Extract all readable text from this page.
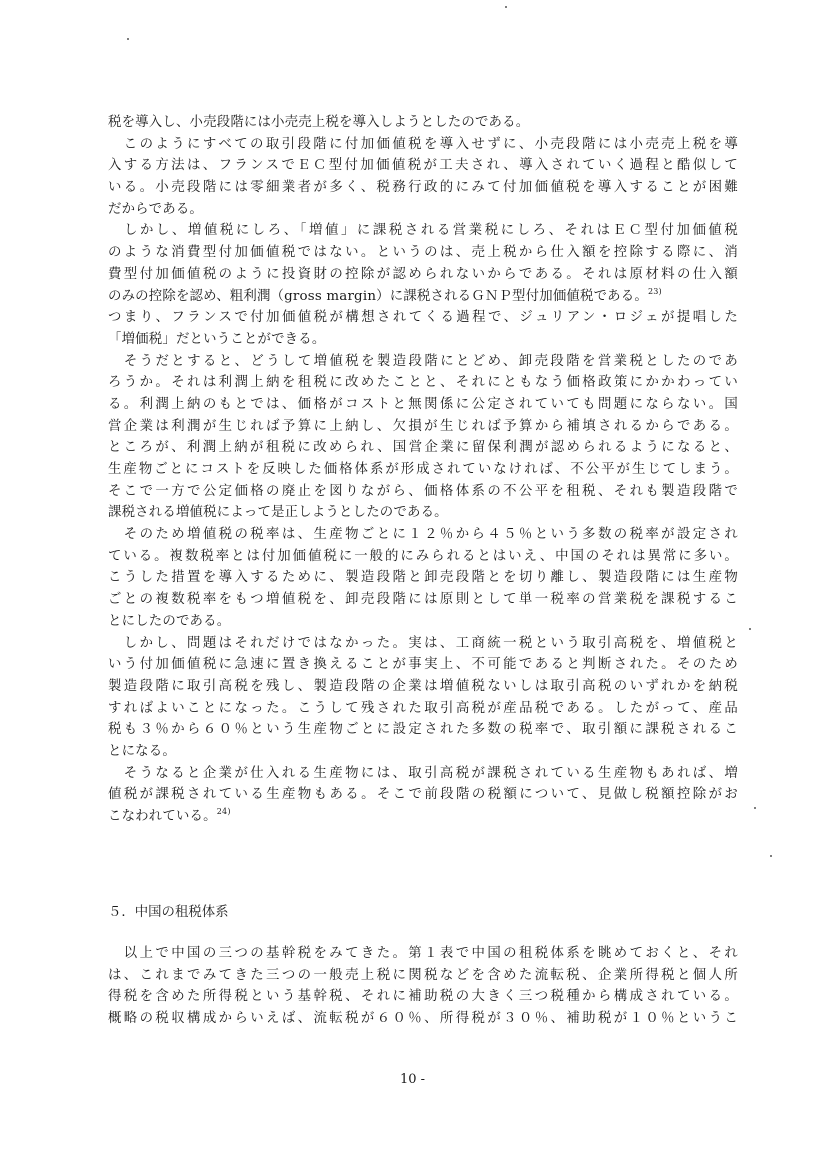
税を導入し、小売段階には小売売上税を導入しようとしたのである。
　このようにすべての取引段階に付加価値税を導入せずに、小売段階には小売売上税を導
入する方法は、フランスでＥＣ型付加価値税が工夫され、導入されていく過程と酷似して
いる。小売段階には零細業者が多く、税務行政的にみて付加価値税を導入することが困難
だからである。
　しかし、増値税にしろ、「増値」に課税される営業税にしろ、それはＥＣ型付加価値税
のような消費型付加価値税ではない。というのは、売上税から仕入額を控除する際に、消
費型付加価値税のように投資財の控除が認められないからである。それは原材料の仕入額
のみの控除を認め、粗利潤（gross margin）に課税されるＧＮＰ型付加価値税である。$^{23)}$
つまり、フランスで付加価値税が構想されてくる過程で、ジュリアン・ロジェが提唱した
「増価税」だということができる。
　そうだとすると、どうして増値税を製造段階にとどめ、卸売段階を営業税としたのであ
ろうか。それは利潤上納を租税に改めたことと、それにともなう価格政策にかかわってい
る。利潤上納のもとでは、価格がコストと無関係に公定されていても問題にならない。国
営企業は利潤が生じれば予算に上納し、欠損が生じれば予算から補填されるからである。
ところが、利潤上納が租税に改められ、国営企業に留保利潤が認められるようになると、
生産物ごとにコストを反映した価格体系が形成されていなければ、不公平が生じてしまう。
そこで一方で公定価格の廃止を図りながら、価格体系の不公平を租税、それも製造段階で
課税される増値税によって是正しようとしたのである。
　そのため増値税の税率は、生産物ごとに１２％から４５％という多数の税率が設定され
ている。複数税率とは付加価値税に一般的にみられるとはいえ、中国のそれは異常に多い。
こうした措置を導入するために、製造段階と卸売段階とを切り離し、製造段階には生産物
ごとの複数税率をもつ増値税を、卸売段階には原則として単一税率の営業税を課税するこ
とにしたのである。
　しかし、問題はそれだけではなかった。実は、工商統一税という取引高税を、増値税と
いう付加価値税に急速に置き換えることが事実上、不可能であると判断された。そのため
製造段階に取引高税を残し、製造段階の企業は増値税ないしは取引高税のいずれかを納税
すればよいことになった。こうして残された取引高税が産品税である。したがって、産品
税も３％から６０％という生産物ごとに設定された多数の税率で、取引額に課税されるこ
とになる。
　そうなると企業が仕入れる生産物には、取引高税が課税されている生産物もあれば、増
値税が課税されている生産物もある。そこで前段階の税額について、見做し税額控除がお
こなわれている。$^{24)}$
５．中国の租税体系
　以上で中国の三つの基幹税をみてきた。第１表で中国の租税体系を眺めておくと、それ
は、これまでみてきた三つの一般売上税に関税などを含めた流転税、企業所得税と個人所
得税を含めた所得税という基幹税、それに補助税の大きく三つ税種から構成されている。
概略の税収構成からいえば、流転税が６０％、所得税が３０％、補助税が１０％というこ
10 -
